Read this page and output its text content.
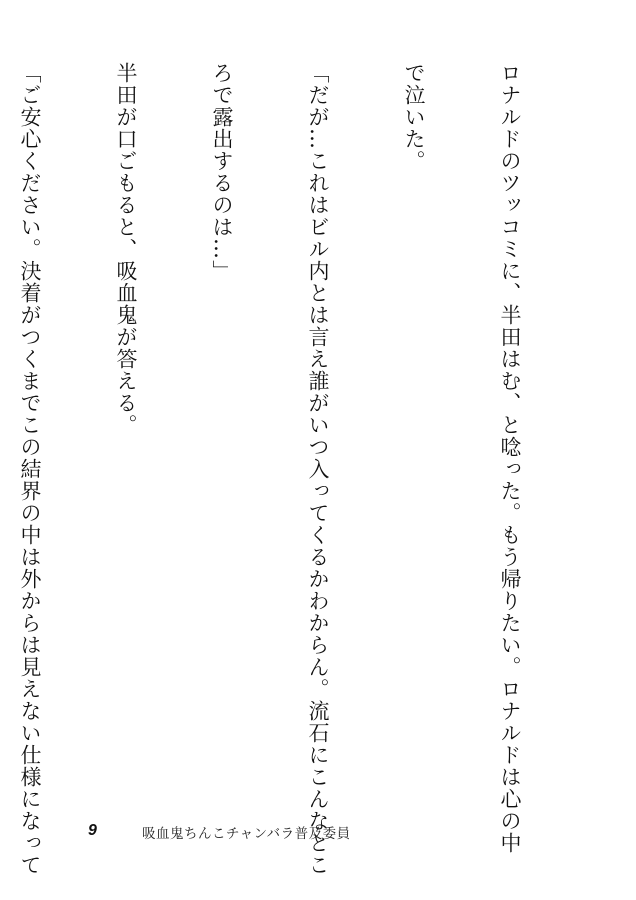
ロナルドのツッコミに、半田はむ、と唸った。もう帰りたい。ロナルドは心の中

で泣いた。

「だが…これはビル内とは言え誰がいつ入ってくるかわからん。流石にこんなとこ

ろで露出するのは…」

半田が口ごもると、吸血鬼が答える。

「ご安心ください。決着がつくまでこの結界の中は外からは見えない仕様になって

	9	吸血鬼ちんこチャンバラ普及委員
